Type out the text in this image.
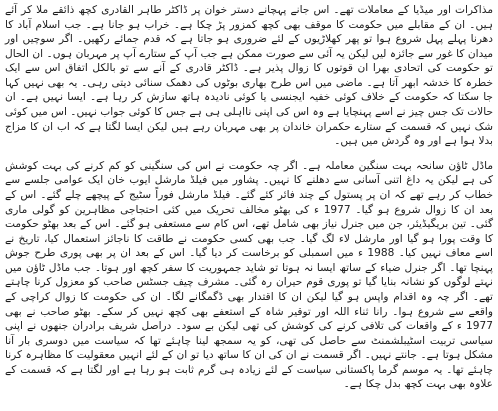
مذاکرات اور میڈیا کے معاملات تھے۔ اس جانے پہچانے دستر خوان پر ڈاکٹر طاہر القادری کچھ ذائقے ملا کر آئے ہیں۔ ان کے مقابلے میں حکومت کا موقف بھی کچھ کمزور پڑ چکا ہے۔ خراب ہو جانا ہے۔ جب اسلام آباد کا دھرنا پہلے پہل شروع ہوا تو پھر کھلاڑیوں کے لئے ضروری ہو جاتا ہے کہ قدم جمائے رکھیں۔ اگر سوچیں اور میدان کا غور سے جائزہ لیں لیکن یہ آئی سے صورت ممکن ہے جب آپ کے ستارے آپ پر مہربان ہوں۔ ان الحال تو حکومت کی اتحادی بھرا ان قوتوں کا زوال پذیر ہے۔ ڈاکٹر قادری کے آنے سے تو بالکل اتفاق اس سے ایک خطرہ کا خدشہ ابھر آتا ہے۔ ماضی میں اس طرح بھاری بوٹوں کی دھمک سنائی دیتی رہی۔ یہ بھی نہیں کہا جا سکتا کہ حکومت کے خلاف کوئی خفیہ ایجنسی یا کوئی نادیدہ ہاتھ سازش کر رہا ہے۔ ایسا نہیں ہے۔ ان حالات تک جس چیز نے اسے پہنچایا ہے وہ اس کی اپنی نااہلی ہی ہے جس کا کوئی جواب نہیں۔ اس میں کوئی شک نہیں کہ قسمت کے ستارے حکمران خاندان پر بھی مہربان رہے ہیں لیکن ایسا لگتا ہے کہ اب ان کا مزاج بدلا ہوا ہے اور وہ گردش میں ہیں۔

ماڈل ٹاؤن سانحہ بہت سنگین معاملہ ہے۔ اگر چہ حکومت نے اس کی سنگینی کو کم کرنے کی بہت کوشش کی ہے لیکن یہ داغ اتنی آسانی سے دھلنے کا نہیں۔ پشاور میں فیلڈ مارشل ایوب خان ایک عوامی جلسے سے خطاب کر رہے تھے کہ ان پر پستول کے چند فائر کئے گئے۔ فیلڈ مارشل فوراً سٹیج کے پیچھے چلے گئے۔ اس کے بعد ان کا زوال شروع ہو گیا۔ 1977 ء کی بھٹو مخالف تحریک میں کئی احتجاجی مظاہرین کو گولی ماری گئی۔ تین بریگیڈیئر، جن میں جنرل نیاز بھی شامل تھے، اس کام سے مستعفی ہو گئے۔ اس کے بعد بھٹو حکومت کا وقت پورا ہو گیا اور مارشل لاء لگ گیا۔ جب بھی کسی حکومت نے طاقت کا ناجائز استعمال کیا، تاریخ نے اسے معاف نہیں کیا۔ 1988 ء میں اسمبلی کو برخاست کر دیا گیا۔ اس کے بعد ان پر بھی پوری طرح جوش پہنچا تھا۔ اگر جنرل ضیاء کے ساتھ ایسا نہ ہوتا تو شاید جمہوریت کا سفر کچھ اور ہوتا۔ جب ماڈل ٹاؤن میں نہتے لوگوں کو نشانہ بنایا گیا تو پوری قوم حیران رہ گئی۔ مشرف چیف جسٹس صاحب کو معزول کرنا چاہتے تھے۔ اگر چہ وہ اقدام واپس ہو گیا لیکن ان کا اقتدار بھی ڈگمگانے لگا۔ ان کی حکومت کا زوال کراچی کے واقعے سے شروع ہوا۔ رانا ثناء اللہ اور توقیر شاہ کے استعفے بھی کچھ نہیں کر سکے۔ بھٹو صاحب نے بھی 1977 ء کے واقعات کی تلافی کرنے کی کوشش کی تھی لیکن بے سود۔ دراصل شریف برادران جنھوں نے اپنی سیاسی تربیت اسٹیبلشمنٹ سے حاصل کی تھی، کو یہ سمجھ لینا چاہئے تھا کہ سیاست میں دوسری بار آنا مشکل ہوتا ہے۔ جانتے نہیں۔ اگر قسمت نے ان کی ان کا ساتھ دیا تو ان کے لئے انہیں معقولیت کا مظاہرہ کرنا چاہئے تھا۔ یہ موسم گرما پاکستانی سیاست کے لئے زیادہ ہی گرم ثابت ہو رہا ہے اور لگتا ہے کہ قسمت کے علاوہ بھی بہت کچھ بدل چکا ہے۔
